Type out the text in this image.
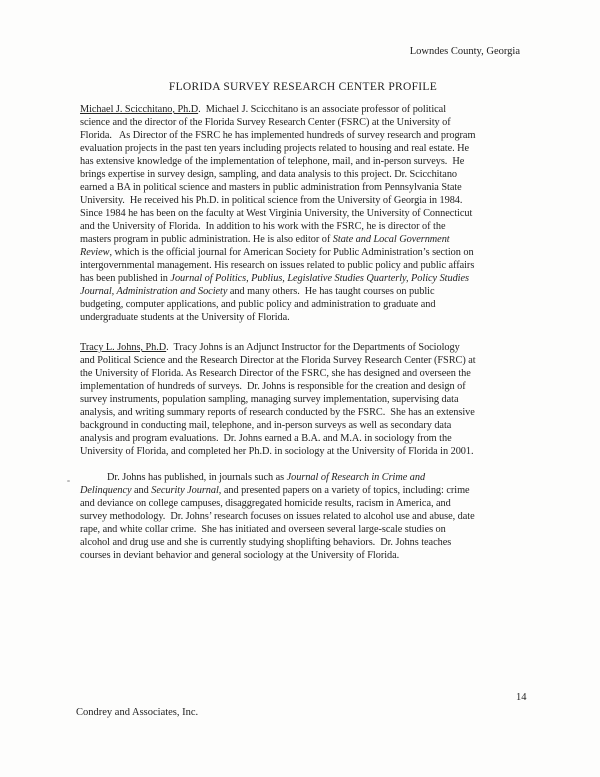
Lowndes County, Georgia
FLORIDA SURVEY RESEARCH CENTER PROFILE
Michael J. Scicchitano, Ph.D.  Michael J. Scicchitano is an associate professor of political
science and the director of the Florida Survey Research Center (FSRC) at the University of
Florida.   As Director of the FSRC he has implemented hundreds of survey research and program
evaluation projects in the past ten years including projects related to housing and real estate. He
has extensive knowledge of the implementation of telephone, mail, and in-person surveys.  He
brings expertise in survey design, sampling, and data analysis to this project. Dr. Scicchitano
earned a BA in political science and masters in public administration from Pennsylvania State
University.  He received his Ph.D. in political science from the University of Georgia in 1984.
Since 1984 he has been on the faculty at West Virginia University, the University of Connecticut
and the University of Florida.  In addition to his work with the FSRC, he is director of the
masters program in public administration. He is also editor of State and Local Government
Review, which is the official journal for American Society for Public Administration’s section on
intergovernmental management. His research on issues related to public policy and public affairs
has been published in Journal of Politics, Publius, Legislative Studies Quarterly, Policy Studies
Journal, Administration and Society and many others.  He has taught courses on public
budgeting, computer applications, and public policy and administration to graduate and
undergraduate students at the University of Florida.
Tracy L. Johns, Ph.D.  Tracy Johns is an Adjunct Instructor for the Departments of Sociology
and Political Science and the Research Director at the Florida Survey Research Center (FSRC) at
the University of Florida. As Research Director of the FSRC, she has designed and overseen the
implementation of hundreds of surveys.  Dr. Johns is responsible for the creation and design of
survey instruments, population sampling, managing survey implementation, supervising data
analysis, and writing summary reports of research conducted by the FSRC.  She has an extensive
background in conducting mail, telephone, and in-person surveys as well as secondary data
analysis and program evaluations.  Dr. Johns earned a B.A. and M.A. in sociology from the
University of Florida, and completed her Ph.D. in sociology at the University of Florida in 2001.
Dr. Johns has published, in journals such as Journal of Research in Crime and
Delinquency and Security Journal, and presented papers on a variety of topics, including: crime
and deviance on college campuses, disaggregated homicide results, racism in America, and
survey methodology.  Dr. Johns’ research focuses on issues related to alcohol use and abuse, date
rape, and white collar crime.  She has initiated and overseen several large-scale studies on
alcohol and drug use and she is currently studying shoplifting behaviors.  Dr. Johns teaches
courses in deviant behavior and general sociology at the University of Florida.
14
Condrey and Associates, Inc.
